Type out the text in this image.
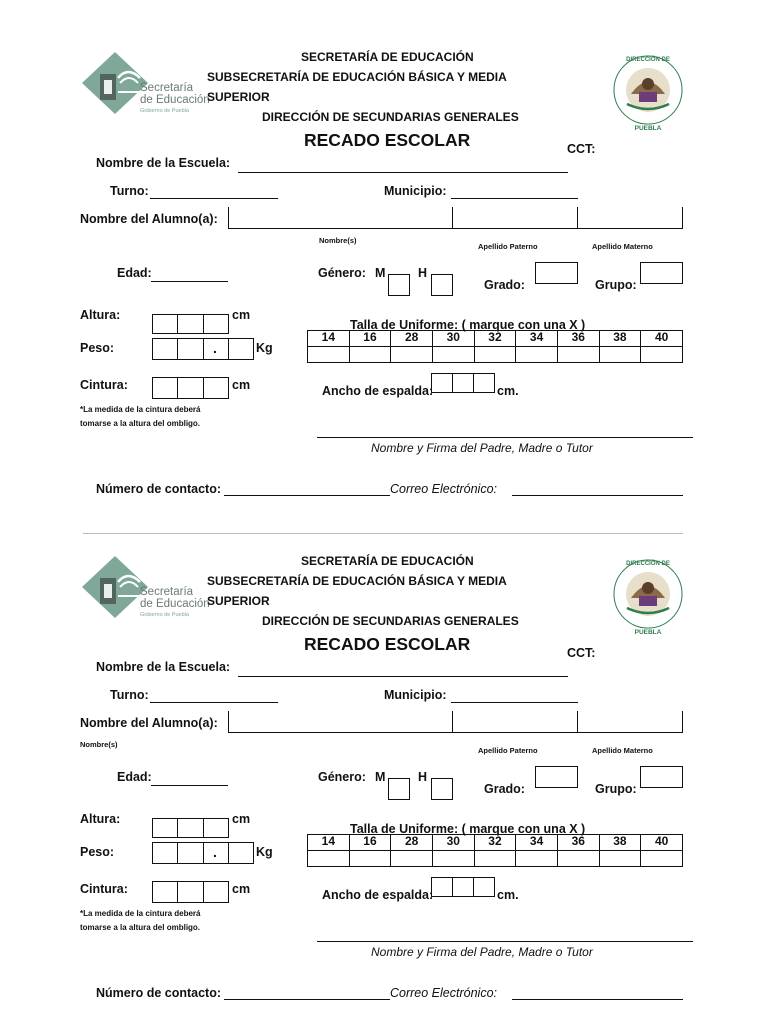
Secretaría
de Educación
Gobierno de Puebla
SECRETARÍA DE EDUCACIÓN
SUBSECRETARÍA DE EDUCACIÓN BÁSICA Y MEDIA
SUPERIOR
DIRECCIÓN DE SECUNDARIAS GENERALES
RECADO ESCOLAR	CCT:
DIRECCIÓN DE
PUEBLA
Nombre de la Escuela:
Turno:	Municipio:
Nombre del Alumno(a):
Nombre(s)
Apellido Paterno	Apellido Materno
Edad:	Género: M	H
Grado:	Grupo:
Altura:	cm
Peso:	.	Kg
Cintura:	cm
*La medida de la cintura deberá
tomarse a la altura del ombligo.
Talla de Uniforme: ( marque con una X )
14	16	28	30	32	34	36	38	40

Ancho de espalda:	cm.
Nombre y Firma del Padre, Madre o Tutor
Número de contacto:	Correo Electrónico:
Secretaría
de Educación
Gobierno de Puebla
SECRETARÍA DE EDUCACIÓN
SUBSECRETARÍA DE EDUCACIÓN BÁSICA Y MEDIA
SUPERIOR
DIRECCIÓN DE SECUNDARIAS GENERALES
RECADO ESCOLAR	CCT:
DIRECCIÓN DE
PUEBLA
Nombre de la Escuela:
Turno:	Municipio:
Nombre del Alumno(a):
Nombre(s)
Apellido Paterno	Apellido Materno
Edad:	Género: M	H
Grado:	Grupo:
Altura:	cm
Peso:	.	Kg
Cintura:	cm
*La medida de la cintura deberá
tomarse a la altura del ombligo.
Talla de Uniforme: ( marque con una X )
14	16	28	30	32	34	36	38	40

Ancho de espalda:	cm.
Nombre y Firma del Padre, Madre o Tutor
Número de contacto:	Correo Electrónico:
